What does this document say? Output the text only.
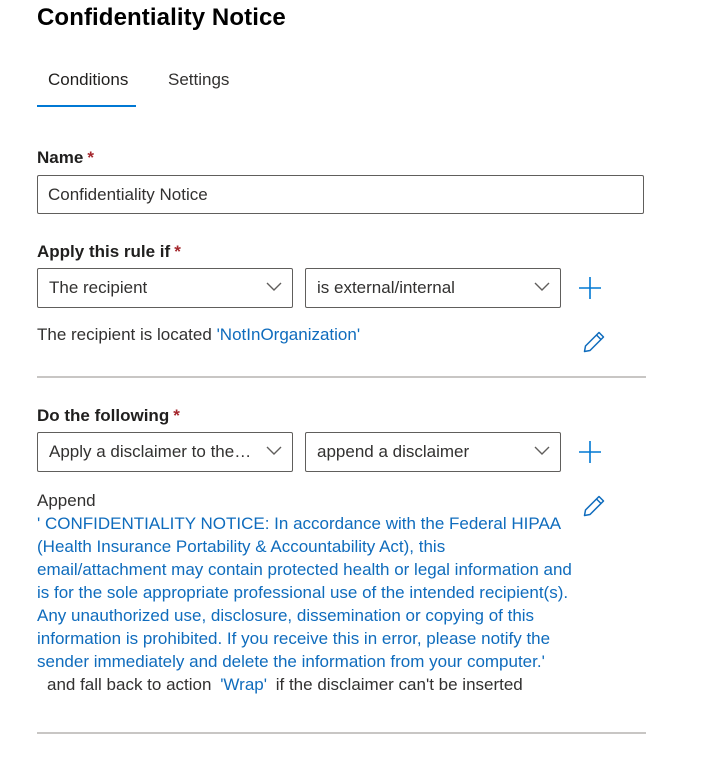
Confidentiality Notice
Conditions Settings
Name *
Confidentiality Notice
Apply this rule if *
The recipient	is external/internal
The recipient is located 'NotInOrganization'
Do the following *
Apply a disclaimer to the…	append a disclaimer
Append
' CONFIDENTIALITY NOTICE: In accordance with the Federal HIPAA (Health Insurance Portability & Accountability Act), this email/attachment may contain protected health or legal information and is for the sole appropriate professional use of the intended recipient(s). Any unauthorized use, disclosure, dissemination or copying of this information is prohibited. If you receive this in error, please notify the sender immediately and delete the information from your computer.'
and fall back to action 'Wrap' if the disclaimer can't be inserted
